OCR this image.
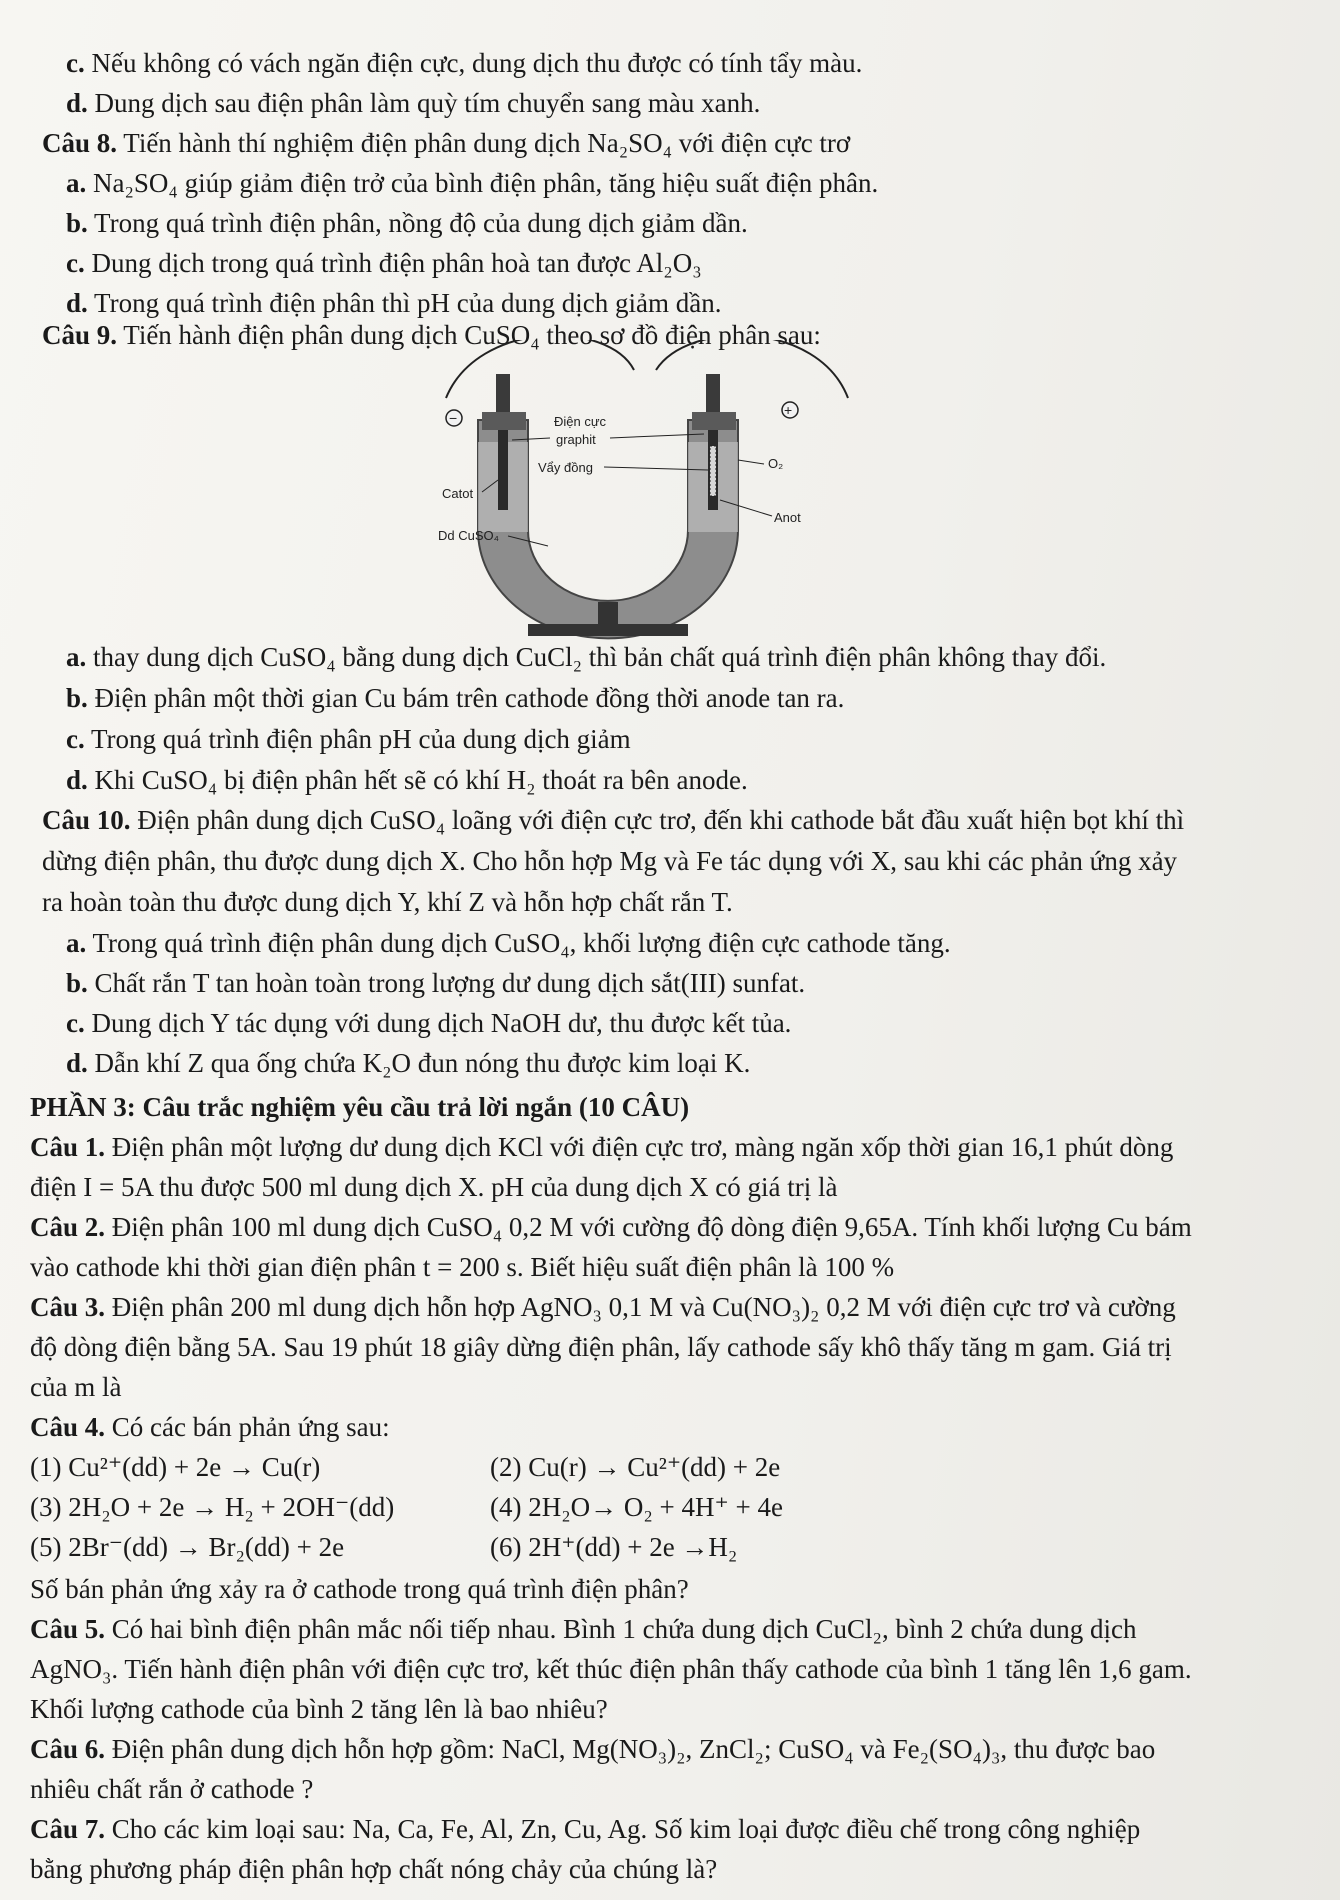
c. Nếu không có vách ngăn điện cực, dung dịch thu được có tính tẩy màu.
d. Dung dịch sau điện phân làm quỳ tím chuyển sang màu xanh.
Câu 8. Tiến hành thí nghiệm điện phân dung dịch Na₂SO₄ với điện cực trơ
a. Na₂SO₄ giúp giảm điện trở của bình điện phân, tăng hiệu suất điện phân.
b. Trong quá trình điện phân, nồng độ của dung dịch giảm dần.
c. Dung dịch trong quá trình điện phân hoà tan được Al₂O₃
d. Trong quá trình điện phân thì pH của dung dịch giảm dần.
Câu 9. Tiến hành điện phân dung dịch CuSO₄ theo sơ đồ điện phân sau:
−	+
Điện cực
graphit
Vẩy đồng	O₂
Catot
Anot
Dd CuSO₄
a. thay dung dịch CuSO₄ bằng dung dịch CuCl₂ thì bản chất quá trình điện phân không thay đổi.
b. Điện phân một thời gian Cu bám trên cathode đồng thời anode tan ra.
c. Trong quá trình điện phân pH của dung dịch giảm
d. Khi CuSO₄ bị điện phân hết sẽ có khí H₂ thoát ra bên anode.
Câu 10. Điện phân dung dịch CuSO₄ loãng với điện cực trơ, đến khi cathode bắt đầu xuất hiện bọt khí thì
dừng điện phân, thu được dung dịch X. Cho hỗn hợp Mg và Fe tác dụng với X, sau khi các phản ứng xảy
ra hoàn toàn thu được dung dịch Y, khí Z và hỗn hợp chất rắn T.
a. Trong quá trình điện phân dung dịch CuSO₄, khối lượng điện cực cathode tăng.
b. Chất rắn T tan hoàn toàn trong lượng dư dung dịch sắt(III) sunfat.
c. Dung dịch Y tác dụng với dung dịch NaOH dư, thu được kết tủa.
d. Dẫn khí Z qua ống chứa K₂O đun nóng thu được kim loại K.
PHẦN 3: Câu trắc nghiệm yêu cầu trả lời ngắn (10 CÂU)
Câu 1. Điện phân một lượng dư dung dịch KCl với điện cực trơ, màng ngăn xốp thời gian 16,1 phút dòng
điện I = 5A thu được 500 ml dung dịch X. pH của dung dịch X có giá trị là
Câu 2. Điện phân 100 ml dung dịch CuSO₄ 0,2 M với cường độ dòng điện 9,65A. Tính khối lượng Cu bám
vào cathode khi thời gian điện phân t = 200 s. Biết hiệu suất điện phân là 100 %
Câu 3. Điện phân 200 ml dung dịch hỗn hợp AgNO₃ 0,1 M và Cu(NO₃)₂ 0,2 M với điện cực trơ và cường
độ dòng điện bằng 5A. Sau 19 phút 18 giây dừng điện phân, lấy cathode sấy khô thấy tăng m gam. Giá trị
của m là
Câu 4. Có các bán phản ứng sau:
(1) Cu²⁺(dd) + 2e → Cu(r)	(2) Cu(r) → Cu²⁺(dd) + 2e
(3) 2H₂O + 2e → H₂ + 2OH⁻(dd)	(4) 2H₂O→ O₂ + 4H⁺ + 4e
(5) 2Br⁻(dd) → Br₂(dd) + 2e	(6) 2H⁺(dd) + 2e →H₂
Số bán phản ứng xảy ra ở cathode trong quá trình điện phân?
Câu 5. Có hai bình điện phân mắc nối tiếp nhau. Bình 1 chứa dung dịch CuCl₂, bình 2 chứa dung dịch
AgNO₃. Tiến hành điện phân với điện cực trơ, kết thúc điện phân thấy cathode của bình 1 tăng lên 1,6 gam.
Khối lượng cathode của bình 2 tăng lên là bao nhiêu?
Câu 6. Điện phân dung dịch hỗn hợp gồm: NaCl, Mg(NO₃)₂, ZnCl₂; CuSO₄ và Fe₂(SO₄)₃, thu được bao
nhiêu chất rắn ở cathode ?
Câu 7. Cho các kim loại sau: Na, Ca, Fe, Al, Zn, Cu, Ag. Số kim loại được điều chế trong công nghiệp
bằng phương pháp điện phân hợp chất nóng chảy của chúng là?
